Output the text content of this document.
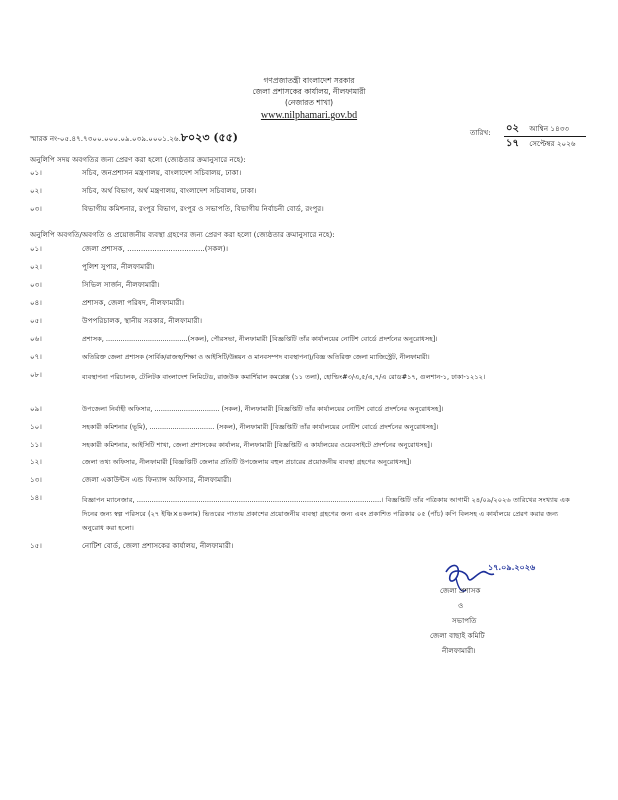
গণপ্রজাতন্ত্রী বাংলাদেশ সরকার
জেলা প্রশাসকের কার্যালয়, নীলফামারী
(নেজারত শাখা)
www.nilphamari.gov.bd
স্মারক নং-০৫.৪৭.৭৩০০.০০০.০৯.০৩৯.০০০১.২৬.৮০২৩ (৫৫)	তারিখ: ০২ আশ্বিন ১৪৩৩
১৭ সেপ্টেম্বর ২০২৬
অনুলিপি সদয় অবগতির জন্য প্রেরণ করা হলো (জ্যেষ্ঠতার ক্রমানুসারে নহে):
০১।	সচিব, জনপ্রশাসন মন্ত্রণালয়, বাংলাদেশ সচিবালয়, ঢাকা।
০২।	সচিব, অর্থ বিভাগ, অর্থ মন্ত্রণালয়, বাংলাদেশ সচিবালয়, ঢাকা।
০৩।	বিভাগীয় কমিশনার, রংপুর বিভাগ, রংপুর ও সভাপতি, বিভাগীয় নির্বাচনী বোর্ড, রংপুর।
অনুলিপি অবগতি/অবগতি ও প্রয়োজনীয় ব্যবস্থা গ্রহণের জন্য প্রেরণ করা হলো (জ্যেষ্ঠতার ক্রমানুসারে নহে):
০১।	জেলা প্রশাসক, ..................................(সকল)।
০২।	পুলিশ সুপার, নীলফামারী।
০৩।	সিভিল সার্জন, নীলফামারী।
০৪।	প্রশাসক, জেলা পরিষদ, নীলফামারী।
০৫।	উপপরিচালক, স্থানীয় সরকার, নীলফামারী।
০৬।	প্রশাসক, .......................................(সকল), পৌরসভা, নীলফামারী [বিজ্ঞপ্তিটি তাঁর কার্যালয়ের নোটিশ বোর্ডে প্রদর্শনের অনুরোধসহ]।
০৭।	অতিরিক্ত জেলা প্রশাসক (সার্বিক/রাজস্ব/শিক্ষা ও আইসিটি/উন্নয়ন ও মানবসম্পদ ব্যবস্থাপনা)/বিজ্ঞ অতিরিক্ত জেলা ম্যাজিস্ট্রেট, নীলফামারী।
০৮।	ব্যবস্থাপনা পরিচালক, টেলিটক বাংলাদেশ লিমিটেড, রাজউক কমার্শিয়াল কমপ্লেক্স (১১ তলা), হোল্ডিং#৩/এ,৫/এ,৭/এ রোড#১৭, গুলশান-১, ঢাকা-১২১২।
০৯।	উপজেলা নির্বাহী অফিসার, ............................... (সকল), নীলফামারী [বিজ্ঞপ্তিটি তাঁর কার্যালয়ের নোটিশ বোর্ডে প্রদর্শনের অনুরোধসহ]।
১০।	সহকারী কমিশনার (ভূমি), ............................... (সকল), নীলফামারী [বিজ্ঞপ্তিটি তাঁর কার্যালয়ের নোটিশ বোর্ডে প্রদর্শনের অনুরোধসহ]।
১১।	সহকারী কমিশনার, আইসিটি শাখা, জেলা প্রশাসকের কার্যালয়, নীলফামারী [বিজ্ঞপ্তিটি এ কার্যালয়ের ওয়েবসাইটে প্রদর্শনের অনুরোধসহ]।
১২।	জেলা তথ্য অফিসার, নীলফামারী [বিজ্ঞপ্তিটি জেলার প্রতিটি উপজেলায় বহুল প্রচারের প্রয়োজনীয় ব্যবস্থা গ্রহণের অনুরোধসহ]।
১৩।	জেলা একাউন্টস এন্ড ফিন্যান্স অফিসার, নীলফামারী।
১৪।	বিজ্ঞাপন ম্যানেজার, ...................................................................................................................। বিজ্ঞপ্তিটি তাঁর পত্রিকায় আগামী ২৪/০৯/২০২৬ তারিখের সংখ্যায় এক দিনের জন্য স্বল্প পরিসরে (২৭ ইঞ্চি×৪কলাম) ভিতরের পাতায় প্রকাশের প্রয়োজনীয় ব্যবস্থা গ্রহণের জন্য এবং প্রকাশিত পত্রিকার ০৫ (পাঁচ) কপি বিলসহ এ কার্যালয়ে প্রেরণ করার জন্য অনুরোধ করা হলো।
১৫।	নোটিশ বোর্ড, জেলা প্রশাসকের কার্যালয়, নীলফামারী।
১৭.০৯.২০২৬
জেলা প্রশাসক
ও
সভাপতি
জেলা বাছাই কমিটি
নীলফামারী।
